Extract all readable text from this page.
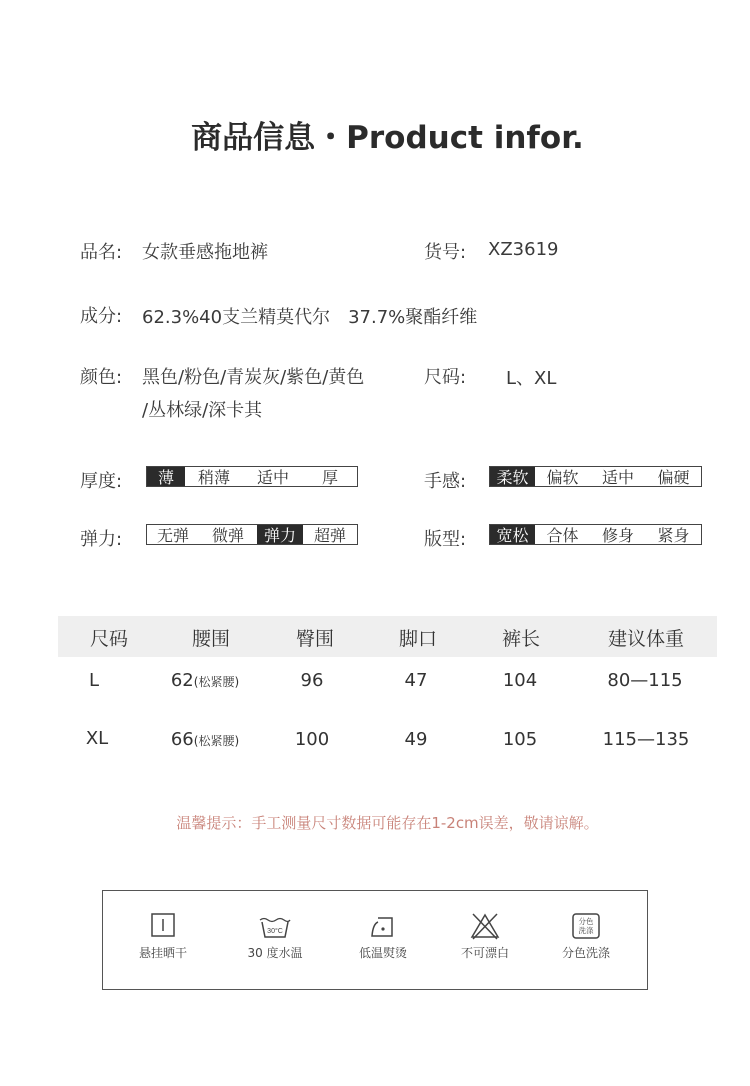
商品信息・Product infor.
品名: 女款垂感拖地裤	货号: XZ3619
成分: 62.3%40支兰精莫代尔　37.7%聚酯纤维
颜色: 黑色/粉色/青炭灰/紫色/黄色
/丛林绿/深卡其
尺码: L、XL
厚度:	薄	稍薄	适中	厚	手感:	柔软	偏软	适中	偏硬
弹力:	无弹	微弹	弹力	超弹	版型:	宽松	合体	修身	紧身
尺码	腰围	臀围	脚口	裤长	建议体重
L	62(松紧腰)	96	47	104	80—115
XL	66(松紧腰)	100	49	105	115—135
温馨提示：手工测量尺寸数据可能存在1-2cm误差，敬请谅解。
悬挂晒干
30°C
30 度水温	低温熨烫	不可漂白
分色
洗涤
分色洗涤
